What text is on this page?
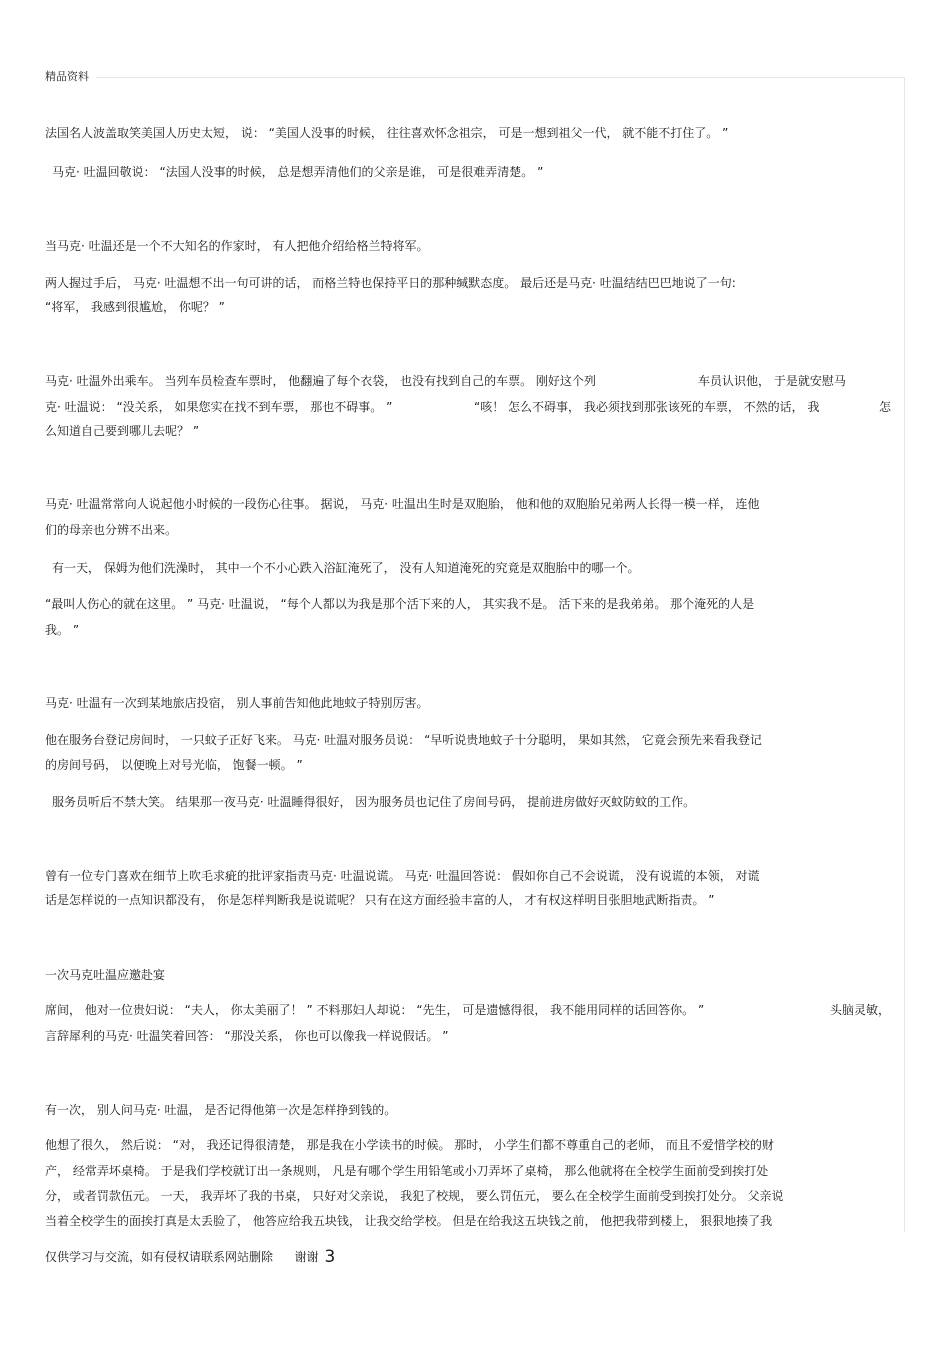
精品资料

法国名人波盖取笑美国人历史太短， 说： “美国人没事的时候， 往往喜欢怀念祖宗， 可是一想到祖父一代， 就不能不打住了。 ”

马克· 吐温回敬说： “法国人没事的时候， 总是想弄清他们的父亲是谁， 可是很难弄清楚。 ”

当马克· 吐温还是一个不大知名的作家时， 有人把他介绍给格兰特将军。

两人握过手后， 马克· 吐温想不出一句可讲的话， 而格兰特也保持平日的那种缄默态度。 最后还是马克· 吐温结结巴巴地说了一句:

“将军， 我感到很尴尬， 你呢？ ”

马克· 吐温外出乘车。 当列车员检查车票时， 他翻遍了每个衣袋， 也没有找到自己的车票。 刚好这个列	车员认识他， 于是就安慰马

克· 吐温说： “没关系， 如果您实在找不到车票， 那也不碍事。 ”	“咳！ 怎么不碍事， 我必须找到那张该死的车票， 不然的话， 我	怎

么知道自己要到哪儿去呢？ ”

马克· 吐温常常向人说起他小时候的一段伤心往事。 据说， 马克· 吐温出生时是双胞胎， 他和他的双胞胎兄弟两人长得一模一样， 连他

们的母亲也分辨不出来。

有一天， 保姆为他们洗澡时， 其中一个不小心跌入浴缸淹死了， 没有人知道淹死的究竟是双胞胎中的哪一个。

“最叫人伤心的就在这里。 ” 马克· 吐温说， “每个人都以为我是那个活下来的人， 其实我不是。 活下来的是我弟弟。 那个淹死的人是

我。 ”

马克· 吐温有一次到某地旅店投宿， 别人事前告知他此地蚊子特别厉害。

他在服务台登记房间时， 一只蚊子正好飞来。 马克· 吐温对服务员说： “早听说贵地蚊子十分聪明， 果如其然， 它竟会预先来看我登记

的房间号码， 以便晚上对号光临， 饱餐一顿。 ”

服务员听后不禁大笑。 结果那一夜马克· 吐温睡得很好， 因为服务员也记住了房间号码， 提前进房做好灭蚊防蚊的工作。

曾有一位专门喜欢在细节上吹毛求疵的批评家指责马克· 吐温说谎。 马克· 吐温回答说： 假如你自己不会说谎， 没有说谎的本领， 对谎

话是怎样说的一点知识都没有， 你是怎样判断我是说谎呢？ 只有在这方面经验丰富的人， 才有权这样明目张胆地武断指责。 ”

一次马克吐温应邀赴宴

席间， 他对一位贵妇说： “夫人， 你太美丽了！ ” 不料那妇人却说： “先生， 可是遗憾得很， 我不能用同样的话回答你。 ”	头脑灵敏，

言辞犀利的马克· 吐温笑着回答： “那没关系， 你也可以像我一样说假话。 ”

有一次， 别人问马克· 吐温， 是否记得他第一次是怎样挣到钱的。

他想了很久， 然后说： “对， 我还记得很清楚， 那是我在小学读书的时候。 那时， 小学生们都不尊重自己的老师， 而且不爱惜学校的财

产， 经常弄坏桌椅。 于是我们学校就订出一条规则， 凡是有哪个学生用铅笔或小刀弄坏了桌椅， 那么他就将在全校学生面前受到挨打处

分， 或者罚款伍元。 一天， 我弄坏了我的书桌， 只好对父亲说， 我犯了校规， 要么罚伍元， 要么在全校学生面前受到挨打处分。 父亲说

当着全校学生的面挨打真是太丢脸了， 他答应给我五块钱， 让我交给学校。 但是在给我这五块钱之前， 他把我带到楼上， 狠狠地揍了我

仅供学习与交流，如有侵权请联系网站删除 谢谢 3
